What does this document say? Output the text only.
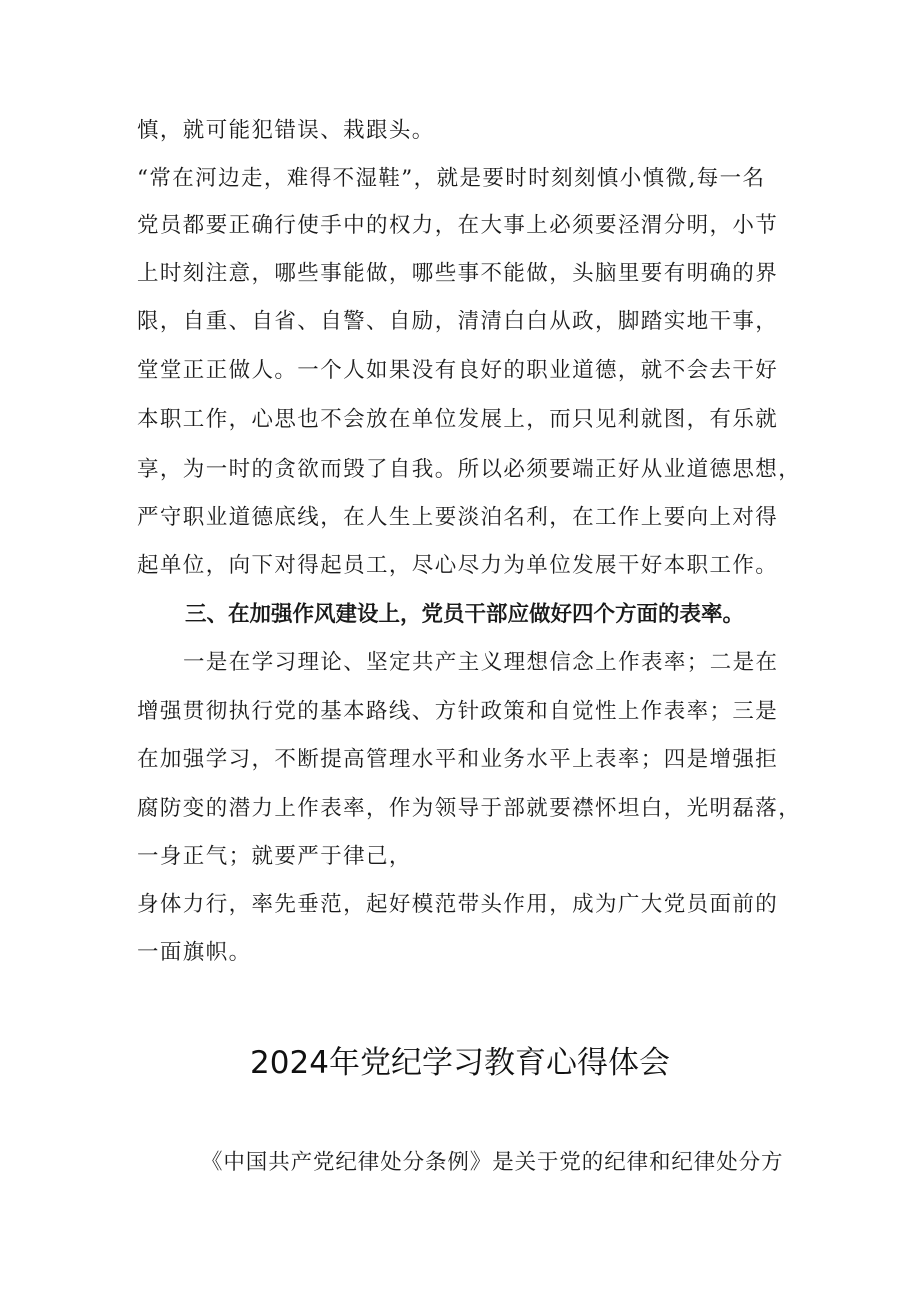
慎，就可能犯错误、栽跟头。
“常在河边走，难得不湿鞋”，就是要时时刻刻慎小慎微,每一名
党员都要正确行使手中的权力，在大事上必须要泾渭分明，小节
上时刻注意，哪些事能做，哪些事不能做，头脑里要有明确的界
限，自重、自省、自警、自励，清清白白从政，脚踏实地干事，
堂堂正正做人。一个人如果没有良好的职业道德，就不会去干好
本职工作，心思也不会放在单位发展上，而只见利就图，有乐就
享，为一时的贪欲而毁了自我。所以必须要端正好从业道德思想，
严守职业道德底线，在人生上要淡泊名利，在工作上要向上对得
起单位，向下对得起员工，尽心尽力为单位发展干好本职工作。
三、在加强作风建设上，党员干部应做好四个方面的表率。
一是在学习理论、坚定共产主义理想信念上作表率；二是在
增强贯彻执行党的基本路线、方针政策和自觉性上作表率；三是
在加强学习，不断提高管理水平和业务水平上表率；四是增强拒
腐防变的潜力上作表率，作为领导于部就要襟怀坦白，光明磊落，
一身正气；就要严于律己，
身体力行，率先垂范，起好模范带头作用，成为广大党员面前的
一面旗帜。
2024年党纪学习教育心得体会
《中国共产党纪律处分条例》是关于党的纪律和纪律处分方
